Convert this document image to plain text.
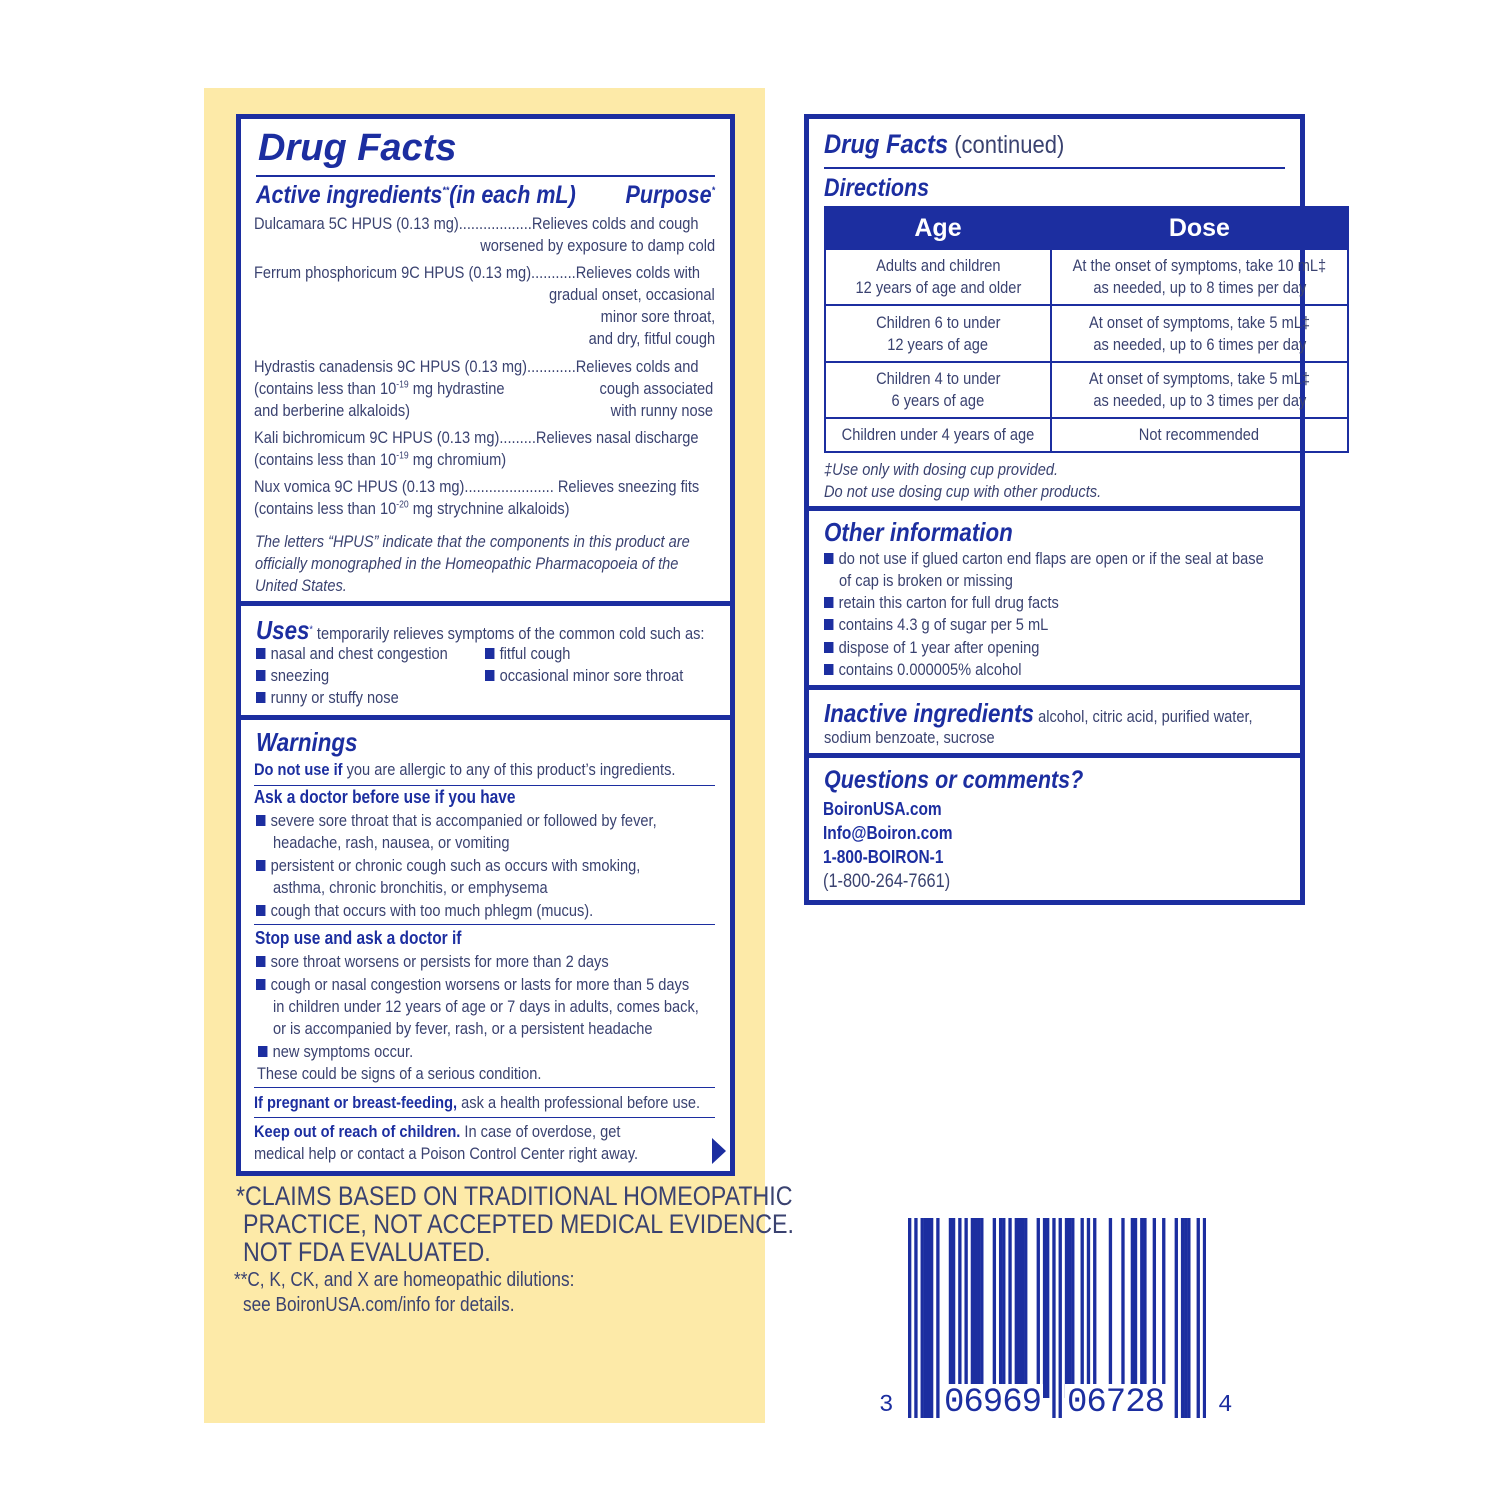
Drug Facts
Active ingredients**(in each mL) Purpose*
Dulcamara 5C HPUS (0.13 mg)..................Relieves colds and cough
worsened by exposure to damp cold
Ferrum phosphoricum 9C HPUS (0.13 mg)...........Relieves colds with
gradual onset, occasional
minor sore throat,
and dry, fitful cough
Hydrastis canadensis 9C HPUS (0.13 mg)............Relieves colds and
(contains less than $10^{-19}$ mg hydrastine	cough associated
and berberine alkaloids)	with runny nose
Kali bichromicum 9C HPUS (0.13 mg).........Relieves nasal discharge
(contains less than $10^{-19}$ mg chromium)
Nux vomica 9C HPUS (0.13 mg)...................... Relieves sneezing fits
(contains less than $10^{-20}$ mg strychnine alkaloids)
The letters “HPUS” indicate that the components in this product are
officially monographed in the Homeopathic Pharmacopoeia of the
United States.
Uses* temporarily relieves symptoms of the common cold such as:
nasal and chest congestion	fitful cough
sneezing	occasional minor sore throat
runny or stuffy nose
Warnings
Do not use if you are allergic to any of this product’s ingredients.
Ask a doctor before use if you have
severe sore throat that is accompanied or followed by fever,
headache, rash, nausea, or vomiting
persistent or chronic cough such as occurs with smoking,
asthma, chronic bronchitis, or emphysema
cough that occurs with too much phlegm (mucus).
Stop use and ask a doctor if
sore throat worsens or persists for more than 2 days
cough or nasal congestion worsens or lasts for more than 5 days
in children under 12 years of age or 7 days in adults, comes back,
or is accompanied by fever, rash, or a persistent headache
new symptoms occur.
These could be signs of a serious condition.
If pregnant or breast-feeding, ask a health professional before use.
Keep out of reach of children. In case of overdose, get
medical help or contact a Poison Control Center right away.
*CLAIMS BASED ON TRADITIONAL HOMEOPATHIC
PRACTICE, NOT ACCEPTED MEDICAL EVIDENCE.
NOT FDA EVALUATED.
**C, K, CK, and X are homeopathic dilutions:
see BoironUSA.com/info for details.
Drug Facts (continued)
Directions
Age	Dose
Adults and children
12 years of age and older	At the onset of symptoms, take 10 mL‡
as needed, up to 8 times per day
Children 6 to under
12 years of age	At onset of symptoms, take 5 mL‡
as needed, up to 6 times per day
Children 4 to under
6 years of age	At onset of symptoms, take 5 mL‡
as needed, up to 3 times per day
Children under 4 years of age	Not recommended
‡Use only with dosing cup provided.
Do not use dosing cup with other products.
Other information
do not use if glued carton end flaps are open or if the seal at base
of cap is broken or missing
retain this carton for full drug facts
contains 4.3 g of sugar per 5 mL
dispose of 1 year after opening
contains 0.000005% alcohol
Inactive ingredients alcohol, citric acid, purified water,
sodium benzoate, sucrose
Questions or comments?
BoironUSA.com
Info@Boiron.com
1-800-BOIRON-1
(1-800-264-7661)
3 06969 06728 4
